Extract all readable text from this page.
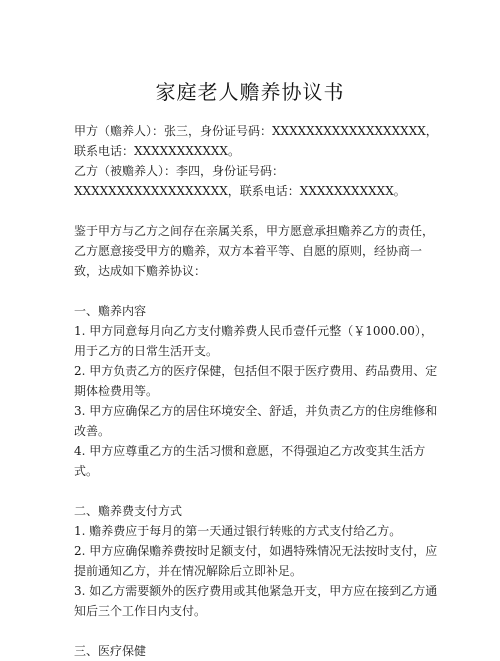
家庭老人赡养协议书

甲方（赡养人）：张三，身份证号码：XXXXXXXXXXXXXXXXXX，联系电话：XXXXXXXXXXX。

乙方（被赡养人）：李四，身份证号码：XXXXXXXXXXXXXXXXXX，联系电话：XXXXXXXXXXX。

鉴于甲方与乙方之间存在亲属关系，甲方愿意承担赡养乙方的责任，乙方愿意接受甲方的赡养，双方本着平等、自愿的原则，经协商一致，达成如下赡养协议：

一、赡养内容

1. 甲方同意每月向乙方支付赡养费人民币壹仟元整（￥1000.00），用于乙方的日常生活开支。

2. 甲方负责乙方的医疗保健，包括但不限于医疗费用、药品费用、定期体检费用等。

3. 甲方应确保乙方的居住环境安全、舒适，并负责乙方的住房维修和改善。

4. 甲方应尊重乙方的生活习惯和意愿，不得强迫乙方改变其生活方式。

二、赡养费支付方式

1. 赡养费应于每月的第一天通过银行转账的方式支付给乙方。

2. 甲方应确保赡养费按时足额支付，如遇特殊情况无法按时支付，应提前通知乙方，并在情况解除后立即补足。

3. 如乙方需要额外的医疗费用或其他紧急开支，甲方应在接到乙方通知后三个工作日内支付。

三、医疗保健
